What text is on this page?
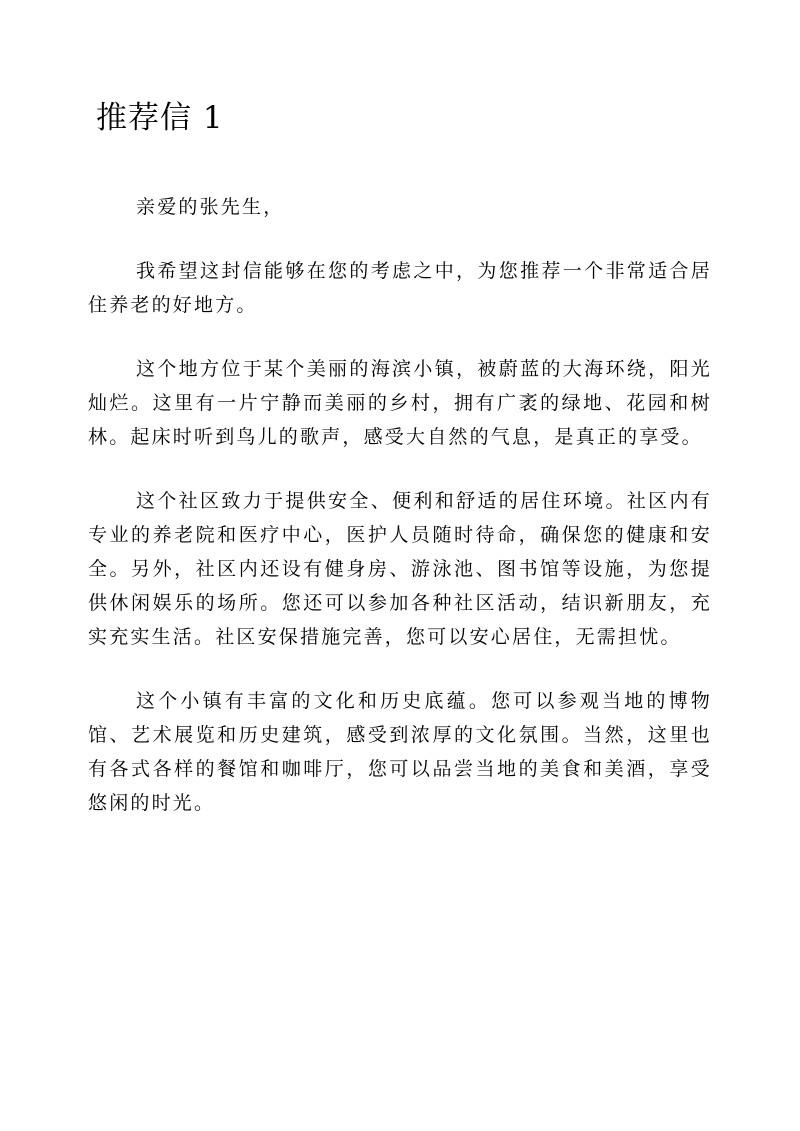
推荐信 1

亲爱的张先生，

我希望这封信能够在您的考虑之中，为您推荐一个非常适合居住养老的好地方。

这个地方位于某个美丽的海滨小镇，被蔚蓝的大海环绕，阳光灿烂。这里有一片宁静而美丽的乡村，拥有广袤的绿地、花园和树林。起床时听到鸟儿的歌声，感受大自然的气息，是真正的享受。

这个社区致力于提供安全、便利和舒适的居住环境。社区内有专业的养老院和医疗中心，医护人员随时待命，确保您的健康和安全。另外，社区内还设有健身房、游泳池、图书馆等设施，为您提供休闲娱乐的场所。您还可以参加各种社区活动，结识新朋友，充实充实生活。社区安保措施完善，您可以安心居住，无需担忧。

这个小镇有丰富的文化和历史底蕴。您可以参观当地的博物馆、艺术展览和历史建筑，感受到浓厚的文化氛围。当然，这里也有各式各样的餐馆和咖啡厅，您可以品尝当地的美食和美酒，享受悠闲的时光。
